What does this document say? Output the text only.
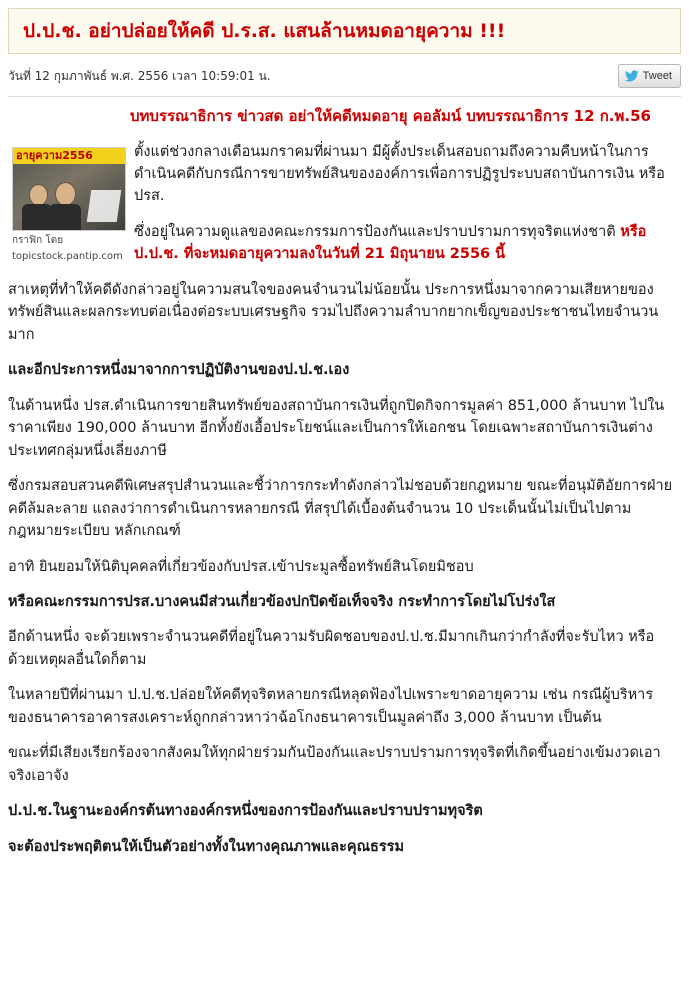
ป.ป.ช. อย่าปล่อยให้คดี ป.ร.ส. แสนล้านหมดอายุความ !!!
วันที่ 12 กุมภาพันธ์ พ.ศ. 2556 เวลา 10:59:01 น.	Tweet
บทบรรณาธิการ ข่าวสด อย่าให้คดีหมดอายุ คอลัมน์ บทบรรณาธิการ 12 ก.พ.56
อายุความ2556
กราฟิก โดย
topicstock.pantip.com

ตั้งแต่ช่วงกลางเดือนมกราคมที่ผ่านมา มีผู้ตั้งประเด็นสอบถามถึงความคืบหน้าในการดำเนินคดีกับกรณีการขายทรัพย์สินขององค์การเพื่อการปฏิรูประบบสถาบันการเงิน หรือ ปรส.

ซึ่งอยู่ในความดูแลของคณะกรรมการป้องกันและปราบปรามการทุจริตแห่งชาติ หรือป.ป.ช. ที่จะหมดอายุความลงในวันที่ 21 มิถุนายน 2556 นี้

สาเหตุที่ทำให้คดีดังกล่าวอยู่ในความสนใจของคนจำนวนไม่น้อยนั้น ประการหนึ่งมาจากความเสียหายของทรัพย์สินและผลกระทบต่อเนื่องต่อระบบเศรษฐกิจ รวมไปถึงความลำบากยากเข็ญของประชาชนไทยจำนวนมาก

และอีกประการหนึ่งมาจากการปฏิบัติงานของป.ป.ช.เอง

ในด้านหนึ่ง ปรส.ดำเนินการขายสินทรัพย์ของสถาบันการเงินที่ถูกปิดกิจการมูลค่า 851,000 ล้านบาท ไปในราคาเพียง 190,000 ล้านบาท อีกทั้งยังเอื้อประโยชน์และเป็นการให้เอกชน โดยเฉพาะสถาบันการเงินต่างประเทศกลุ่มหนึ่งเลี่ยงภาษี

ซึ่งกรมสอบสวนคดีพิเศษสรุปสำนวนและชี้ว่าการกระทำดังกล่าวไม่ชอบด้วยกฎหมาย ขณะที่อนุมัติอัยการฝ่ายคดีล้มละลาย แถลงว่าการดำเนินการหลายกรณี ที่สรุปได้เบื้องต้นจำนวน 10 ประเด็นนั้นไม่เป็นไปตามกฎหมายระเบียบ หลักเกณฑ์

อาทิ ยินยอมให้นิติบุคคลที่เกี่ยวข้องกับปรส.เข้าประมูลซื้อทรัพย์สินโดยมิชอบ

หรือคณะกรรมการปรส.บางคนมีส่วนเกี่ยวข้องปกปิดข้อเท็จจริง กระทำการโดยไม่โปร่งใส

อีกด้านหนึ่ง จะด้วยเพราะจำนวนคดีที่อยู่ในความรับผิดชอบของป.ป.ช.มีมากเกินกว่ากำลังที่จะรับไหว หรือด้วยเหตุผลอื่นใดก็ตาม

ในหลายปีที่ผ่านมา ป.ป.ช.ปล่อยให้คดีทุจริตหลายกรณีหลุดฟ้องไปเพราะขาดอายุความ เช่น กรณีผู้บริหารของธนาคารอาคารสงเคราะห์ถูกกล่าวหาว่าฉ้อโกงธนาคารเป็นมูลค่าถึง 3,000 ล้านบาท เป็นต้น

ขณะที่มีเสียงเรียกร้องจากสังคมให้ทุกฝ่ายร่วมกันป้องกันและปราบปรามการทุจริตที่เกิดขึ้นอย่างเข้มงวดเอาจริงเอาจัง

ป.ป.ช.ในฐานะองค์กรต้นทางองค์กรหนึ่งของการป้องกันและปราบปรามทุจริต

จะต้องประพฤติตนให้เป็นตัวอย่างทั้งในทางคุณภาพและคุณธรรม
